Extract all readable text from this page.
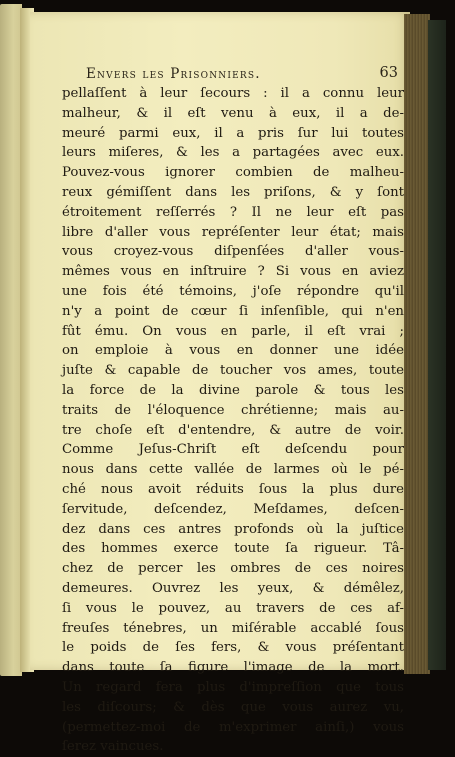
Envers les Prisonniers.	63
pellaſſent à leur ſecours : il a connu leur
malheur, & il eſt venu à eux, il a de-
meuré parmi eux, il a pris ſur lui toutes
leurs miſeres, & les a partagées avec eux.
Pouvez-vous ignorer combien de malheu-
reux gémiſſent dans les priſons, & y ſont
étroitement reſſerrés ? Il ne leur eſt pas
libre d'aller vous repréſenter leur état; mais
vous croyez-vous diſpenſées d'aller vous-
mêmes vous en inſtruire ? Si vous en aviez
une fois été témoins, j'oſe répondre qu'il
n'y a point de cœur ſi inſenſible, qui n'en
fût ému. On vous en parle, il eſt vrai ;
on emploie à vous en donner une idée
juſte & capable de toucher vos ames, toute
la force de la divine parole & tous les
traits de l'éloquence chrétienne; mais au-
tre choſe eſt d'entendre, & autre de voir.
Comme Jeſus-Chriſt eſt deſcendu pour
nous dans cette vallée de larmes où le pé-
ché nous avoit réduits ſous la plus dure
ſervitude, deſcendez, Meſdames, deſcen-
dez dans ces antres profonds où la juſtice
des hommes exerce toute ſa rigueur. Tâ-
chez de percer les ombres de ces noires
demeures. Ouvrez les yeux, & démêlez,
ſi vous le pouvez, au travers de ces af-
freuſes ténebres, un miſérable accablé ſous
le poids de ſes fers, & vous préſentant
dans toute ſa figure l'image de la mort.
Un regard fera plus d'impreſſion que tous
les diſcours; & dès que vous aurez vu,
(permettez-moi de m'exprimer ainſi,) vous
ſerez vaincues.
